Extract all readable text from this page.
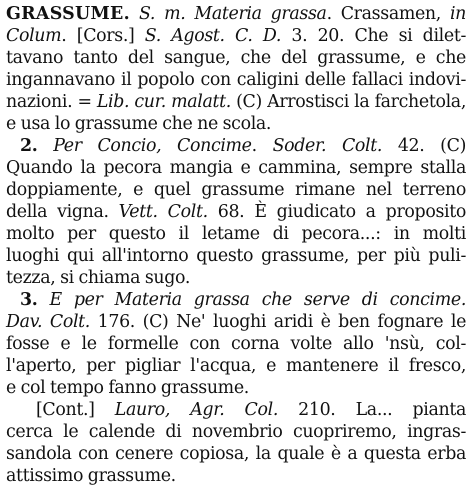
GRASSUME. S. m. Materia grassa. Crassamen, in
Colum. [Cors.] S. Agost. C. D. 3. 20. Che si dilet-
tavano tanto del sangue, che del grassume, e che
ingannavano il popolo con caligini delle fallaci indovi-
nazioni. = Lib. cur. malatt. (C) Arrostisci la farchetola,
e usa lo grassume che ne scola.
2. Per Concio, Concime. Soder. Colt. 42. (C)
Quando la pecora mangia e cammina, sempre stalla
doppiamente, e quel grassume rimane nel terreno
della vigna. Vett. Colt. 68. È giudicato a proposito
molto per questo il letame di pecora...: in molti
luoghi qui all'intorno questo grassume, per più puli-
tezza, si chiama sugo.
3. E per Materia grassa che serve di concime.
Dav. Colt. 176. (C) Ne' luoghi aridi è ben fognare le
fosse e le formelle con corna volte allo 'nsù, col-
l'aperto, per pigliar l'acqua, e mantenere il fresco,
e col tempo fanno grassume.
[Cont.] Lauro, Agr. Col. 210. La... pianta
cerca le calende di novembrio cuopriremo, ingras-
sandola con cenere copiosa, la quale è a questa erba
attissimo grassume.
